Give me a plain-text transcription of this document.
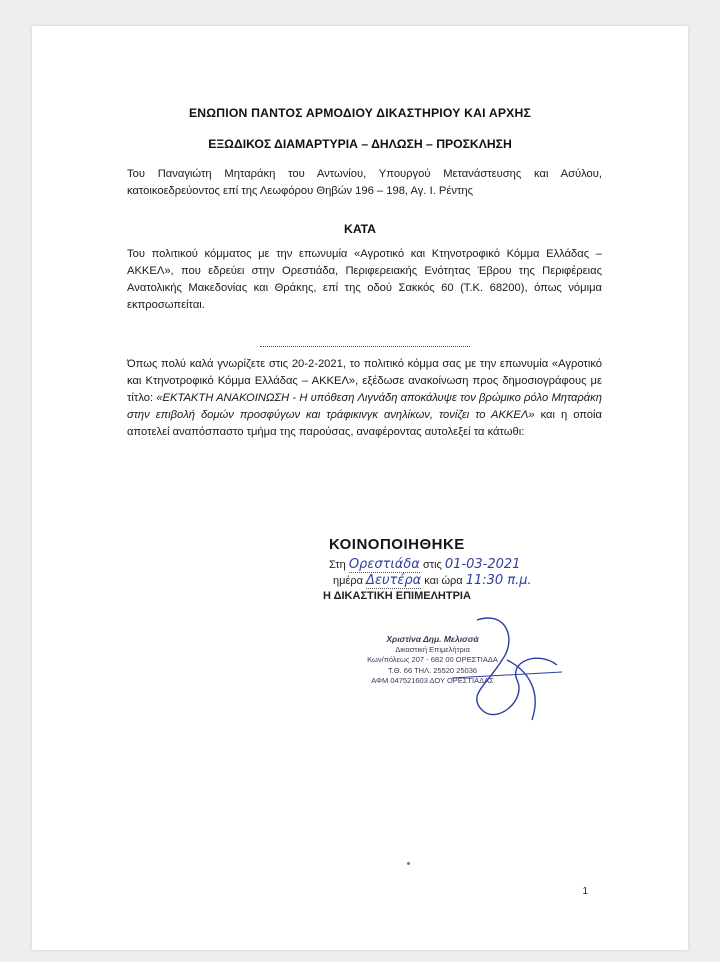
ΕΝΩΠΙΟΝ ΠΑΝΤΟΣ ΑΡΜΟΔΙΟΥ ΔΙΚΑΣΤΗΡΙΟΥ ΚΑΙ ΑΡΧΗΣ
ΕΞΩΔΙΚΟΣ ΔΙΑΜΑΡΤΥΡΙΑ – ΔΗΛΩΣΗ – ΠΡΟΣΚΛΗΣΗ
Του Παναγιώτη Μηταράκη του Αντωνίου, Υπουργού Μετανάστευσης και Ασύλου, κατοικοεδρεύοντος επί της Λεωφόρου Θηβών 196 – 198, Αγ. Ι. Ρέντης
ΚΑΤΑ
Του πολιτικού κόμματος με την επωνυμία «Αγροτικό και Κτηνοτροφικό Κόμμα Ελλάδας – ΑΚΚΕΛ», που εδρεύει στην Ορεστιάδα, Περιφερειακής Ενότητας Έβρου της Περιφέρειας Ανατολικής Μακεδονίας και Θράκης, επί της οδού Σακκός 60 (Τ.Κ. 68200), όπως νόμιμα εκπροσωπείται.
Όπως πολύ καλά γνωρίζετε στις 20-2-2021, το πολιτικό κόμμα σας με την επωνυμία «Αγροτικό και Κτηνοτροφικό Κόμμα Ελλάδας – ΑΚΚΕΛ», εξέδωσε ανακοίνωση προς δημοσιογράφους με τίτλο: «ΕΚΤΑΚΤΗ ΑΝΑΚΟΙΝΩΣΗ - Η υπόθεση Λιγνάδη αποκάλυψε τον βρώμικο ρόλο Μηταράκη στην επιβολή δομών προσφύγων και τράφικινγκ ανηλίκων, τονίζει το ΑΚΚΕΛ» και η οποία αποτελεί αναπόσπαστο τμήμα της παρούσας, αναφέροντας αυτολεξεί τα κάτωθι:
ΚΟΙΝΟΠΟΙΗΘΗΚΕ
Στη Ορεστιάδα στις 01-03-2021
ημέρα Δευτέρα και ώρα 11:30 π.μ.
Η ΔΙΚΑΣΤΙΚΗ ΕΠΙΜΕΛΗΤΡΙΑ
Χριστίνα Δημ. Μελισσά
Δικαστική Επιμελήτρια
Κων/πόλεως 207 - 682 00 ΟΡΕΣΤΙΑΔΑ
Τ.Θ. 66 ΤΗΛ. 25520 25036
ΑΦΜ 047521603 ΔΟΥ ΟΡΕΣΤΙΑΔΑΣ
1
